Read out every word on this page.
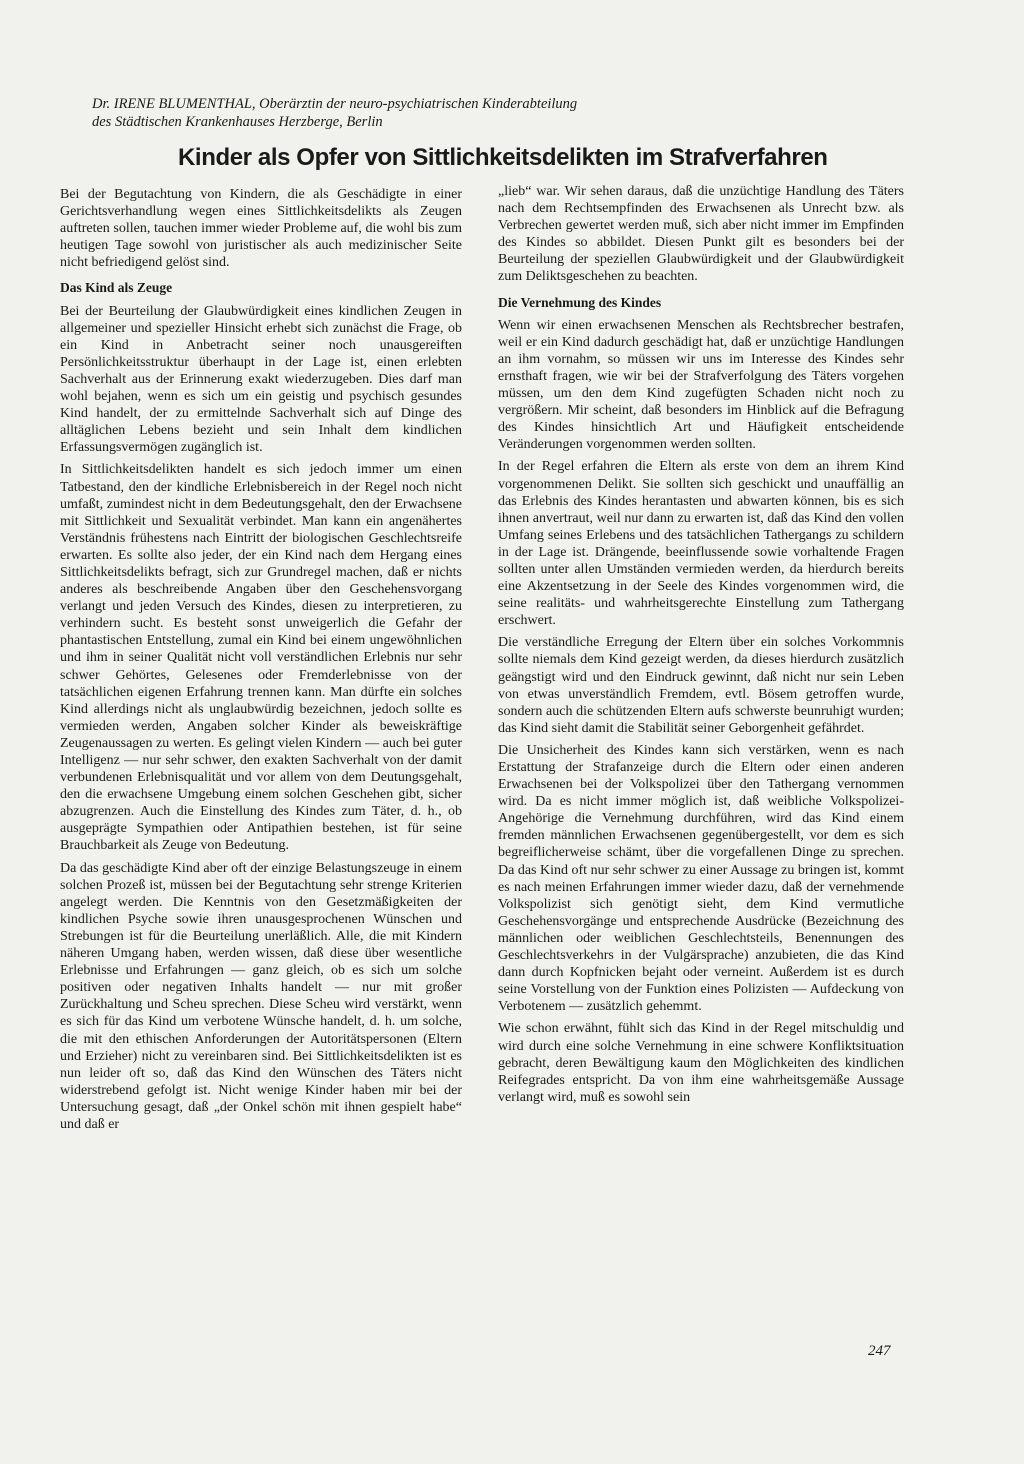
Dr. IRENE BLUMENTHAL, Oberärztin der neuro-psychiatrischen Kinderabteilung
des Städtischen Krankenhauses Herzberge, Berlin
Kinder als Opfer von Sittlichkeitsdelikten im Strafverfahren

Bei der Begutachtung von Kindern, die als Geschädigte in einer Gerichtsverhandlung wegen eines Sittlichkeitsdelikts als Zeugen auftreten sollen, tauchen immer wieder Probleme auf, die wohl bis zum heutigen Tage sowohl von juristischer als auch medizinischer Seite nicht befriedigend gelöst sind.

Das Kind als Zeuge

Bei der Beurteilung der Glaubwürdigkeit eines kindlichen Zeugen in allgemeiner und spezieller Hinsicht erhebt sich zunächst die Frage, ob ein Kind in Anbetracht seiner noch unausgereiften Persönlichkeitsstruktur überhaupt in der Lage ist, einen erlebten Sachverhalt aus der Erinnerung exakt wiederzugeben. Dies darf man wohl bejahen, wenn es sich um ein geistig und psychisch gesundes Kind handelt, der zu ermittelnde Sachverhalt sich auf Dinge des alltäglichen Lebens bezieht und sein Inhalt dem kindlichen Erfassungsvermögen zugänglich ist.

In Sittlichkeitsdelikten handelt es sich jedoch immer um einen Tatbestand, den der kindliche Erlebnisbereich in der Regel noch nicht umfaßt, zumindest nicht in dem Bedeutungsgehalt, den der Erwachsene mit Sittlichkeit und Sexualität verbindet. Man kann ein angenähertes Verständnis frühestens nach Eintritt der biologischen Geschlechtsreife erwarten. Es sollte also jeder, der ein Kind nach dem Hergang eines Sittlichkeitsdelikts befragt, sich zur Grundregel machen, daß er nichts anderes als beschreibende Angaben über den Geschehensvorgang verlangt und jeden Versuch des Kindes, diesen zu interpretieren, zu verhindern sucht. Es besteht sonst unweigerlich die Gefahr der phantastischen Entstellung, zumal ein Kind bei einem ungewöhnlichen und ihm in seiner Qualität nicht voll verständlichen Erlebnis nur sehr schwer Gehörtes, Gelesenes oder Fremderlebnisse von der tatsächlichen eigenen Erfahrung trennen kann. Man dürfte ein solches Kind allerdings nicht als unglaubwürdig bezeichnen, jedoch sollte es vermieden werden, Angaben solcher Kinder als beweiskräftige Zeugenaussagen zu werten. Es gelingt vielen Kindern — auch bei guter Intelligenz — nur sehr schwer, den exakten Sachverhalt von der damit verbundenen Erlebnisqualität und vor allem von dem Deutungsgehalt, den die erwachsene Umgebung einem solchen Geschehen gibt, sicher abzugrenzen. Auch die Einstellung des Kindes zum Täter, d. h., ob ausgeprägte Sympathien oder Antipathien bestehen, ist für seine Brauchbarkeit als Zeuge von Bedeutung.

Da das geschädigte Kind aber oft der einzige Belastungszeuge in einem solchen Prozeß ist, müssen bei der Begutachtung sehr strenge Kriterien angelegt werden. Die Kenntnis von den Gesetzmäßigkeiten der kindlichen Psyche sowie ihren unausgesprochenen Wünschen und Strebungen ist für die Beurteilung unerläßlich. Alle, die mit Kindern näheren Umgang haben, werden wissen, daß diese über wesentliche Erlebnisse und Erfahrungen — ganz gleich, ob es sich um solche positiven oder negativen Inhalts handelt — nur mit großer Zurückhaltung und Scheu sprechen. Diese Scheu wird verstärkt, wenn es sich für das Kind um verbotene Wünsche handelt, d. h. um solche, die mit den ethischen Anforderungen der Autoritätspersonen (Eltern und Erzieher) nicht zu vereinbaren sind. Bei Sittlichkeitsdelikten ist es nun leider oft so, daß das Kind den Wünschen des Täters nicht widerstrebend gefolgt ist. Nicht wenige Kinder haben mir bei der Untersuchung gesagt, daß „der Onkel schön mit ihnen gespielt habe“ und daß er

„lieb“ war. Wir sehen daraus, daß die unzüchtige Handlung des Täters nach dem Rechtsempfinden des Erwachsenen als Unrecht bzw. als Verbrechen gewertet werden muß, sich aber nicht immer im Empfinden des Kindes so abbildet. Diesen Punkt gilt es besonders bei der Beurteilung der speziellen Glaubwürdigkeit und der Glaubwürdigkeit zum Deliktsgeschehen zu beachten.

Die Vernehmung des Kindes

Wenn wir einen erwachsenen Menschen als Rechtsbrecher bestrafen, weil er ein Kind dadurch geschädigt hat, daß er unzüchtige Handlungen an ihm vornahm, so müssen wir uns im Interesse des Kindes sehr ernsthaft fragen, wie wir bei der Strafverfolgung des Täters vorgehen müssen, um den dem Kind zugefügten Schaden nicht noch zu vergrößern. Mir scheint, daß besonders im Hinblick auf die Befragung des Kindes hinsichtlich Art und Häufigkeit entscheidende Veränderungen vorgenommen werden sollten.

In der Regel erfahren die Eltern als erste von dem an ihrem Kind vorgenommenen Delikt. Sie sollten sich geschickt und unauffällig an das Erlebnis des Kindes herantasten und abwarten können, bis es sich ihnen anvertraut, weil nur dann zu erwarten ist, daß das Kind den vollen Umfang seines Erlebens und des tatsächlichen Tathergangs zu schildern in der Lage ist. Drängende, beeinflussende sowie vorhaltende Fragen sollten unter allen Umständen vermieden werden, da hierdurch bereits eine Akzentsetzung in der Seele des Kindes vorgenommen wird, die seine realitäts- und wahrheitsgerechte Einstellung zum Tathergang erschwert.

Die verständliche Erregung der Eltern über ein solches Vorkommnis sollte niemals dem Kind gezeigt werden, da dieses hierdurch zusätzlich geängstigt wird und den Eindruck gewinnt, daß nicht nur sein Leben von etwas unverständlich Fremdem, evtl. Bösem getroffen wurde, sondern auch die schützenden Eltern aufs schwerste beunruhigt wurden; das Kind sieht damit die Stabilität seiner Geborgenheit gefährdet.

Die Unsicherheit des Kindes kann sich verstärken, wenn es nach Erstattung der Strafanzeige durch die Eltern oder einen anderen Erwachsenen bei der Volkspolizei über den Tathergang vernommen wird. Da es nicht immer möglich ist, daß weibliche Volkspolizei-Angehörige die Vernehmung durchführen, wird das Kind einem fremden männlichen Erwachsenen gegenübergestellt, vor dem es sich begreiflicherweise schämt, über die vorgefallenen Dinge zu sprechen. Da das Kind oft nur sehr schwer zu einer Aussage zu bringen ist, kommt es nach meinen Erfahrungen immer wieder dazu, daß der vernehmende Volkspolizist sich genötigt sieht, dem Kind vermutliche Geschehensvorgänge und entsprechende Ausdrücke (Bezeichnung des männlichen oder weiblichen Geschlechtsteils, Benennungen des Geschlechtsverkehrs in der Vulgärsprache) anzubieten, die das Kind dann durch Kopfnicken bejaht oder verneint. Außerdem ist es durch seine Vorstellung von der Funktion eines Polizisten — Aufdeckung von Verbotenem — zusätzlich gehemmt.

Wie schon erwähnt, fühlt sich das Kind in der Regel mitschuldig und wird durch eine solche Vernehmung in eine schwere Konfliktsituation gebracht, deren Bewältigung kaum den Möglichkeiten des kindlichen Reifegrades entspricht. Da von ihm eine wahrheitsgemäße Aussage verlangt wird, muß es sowohl sein

247
